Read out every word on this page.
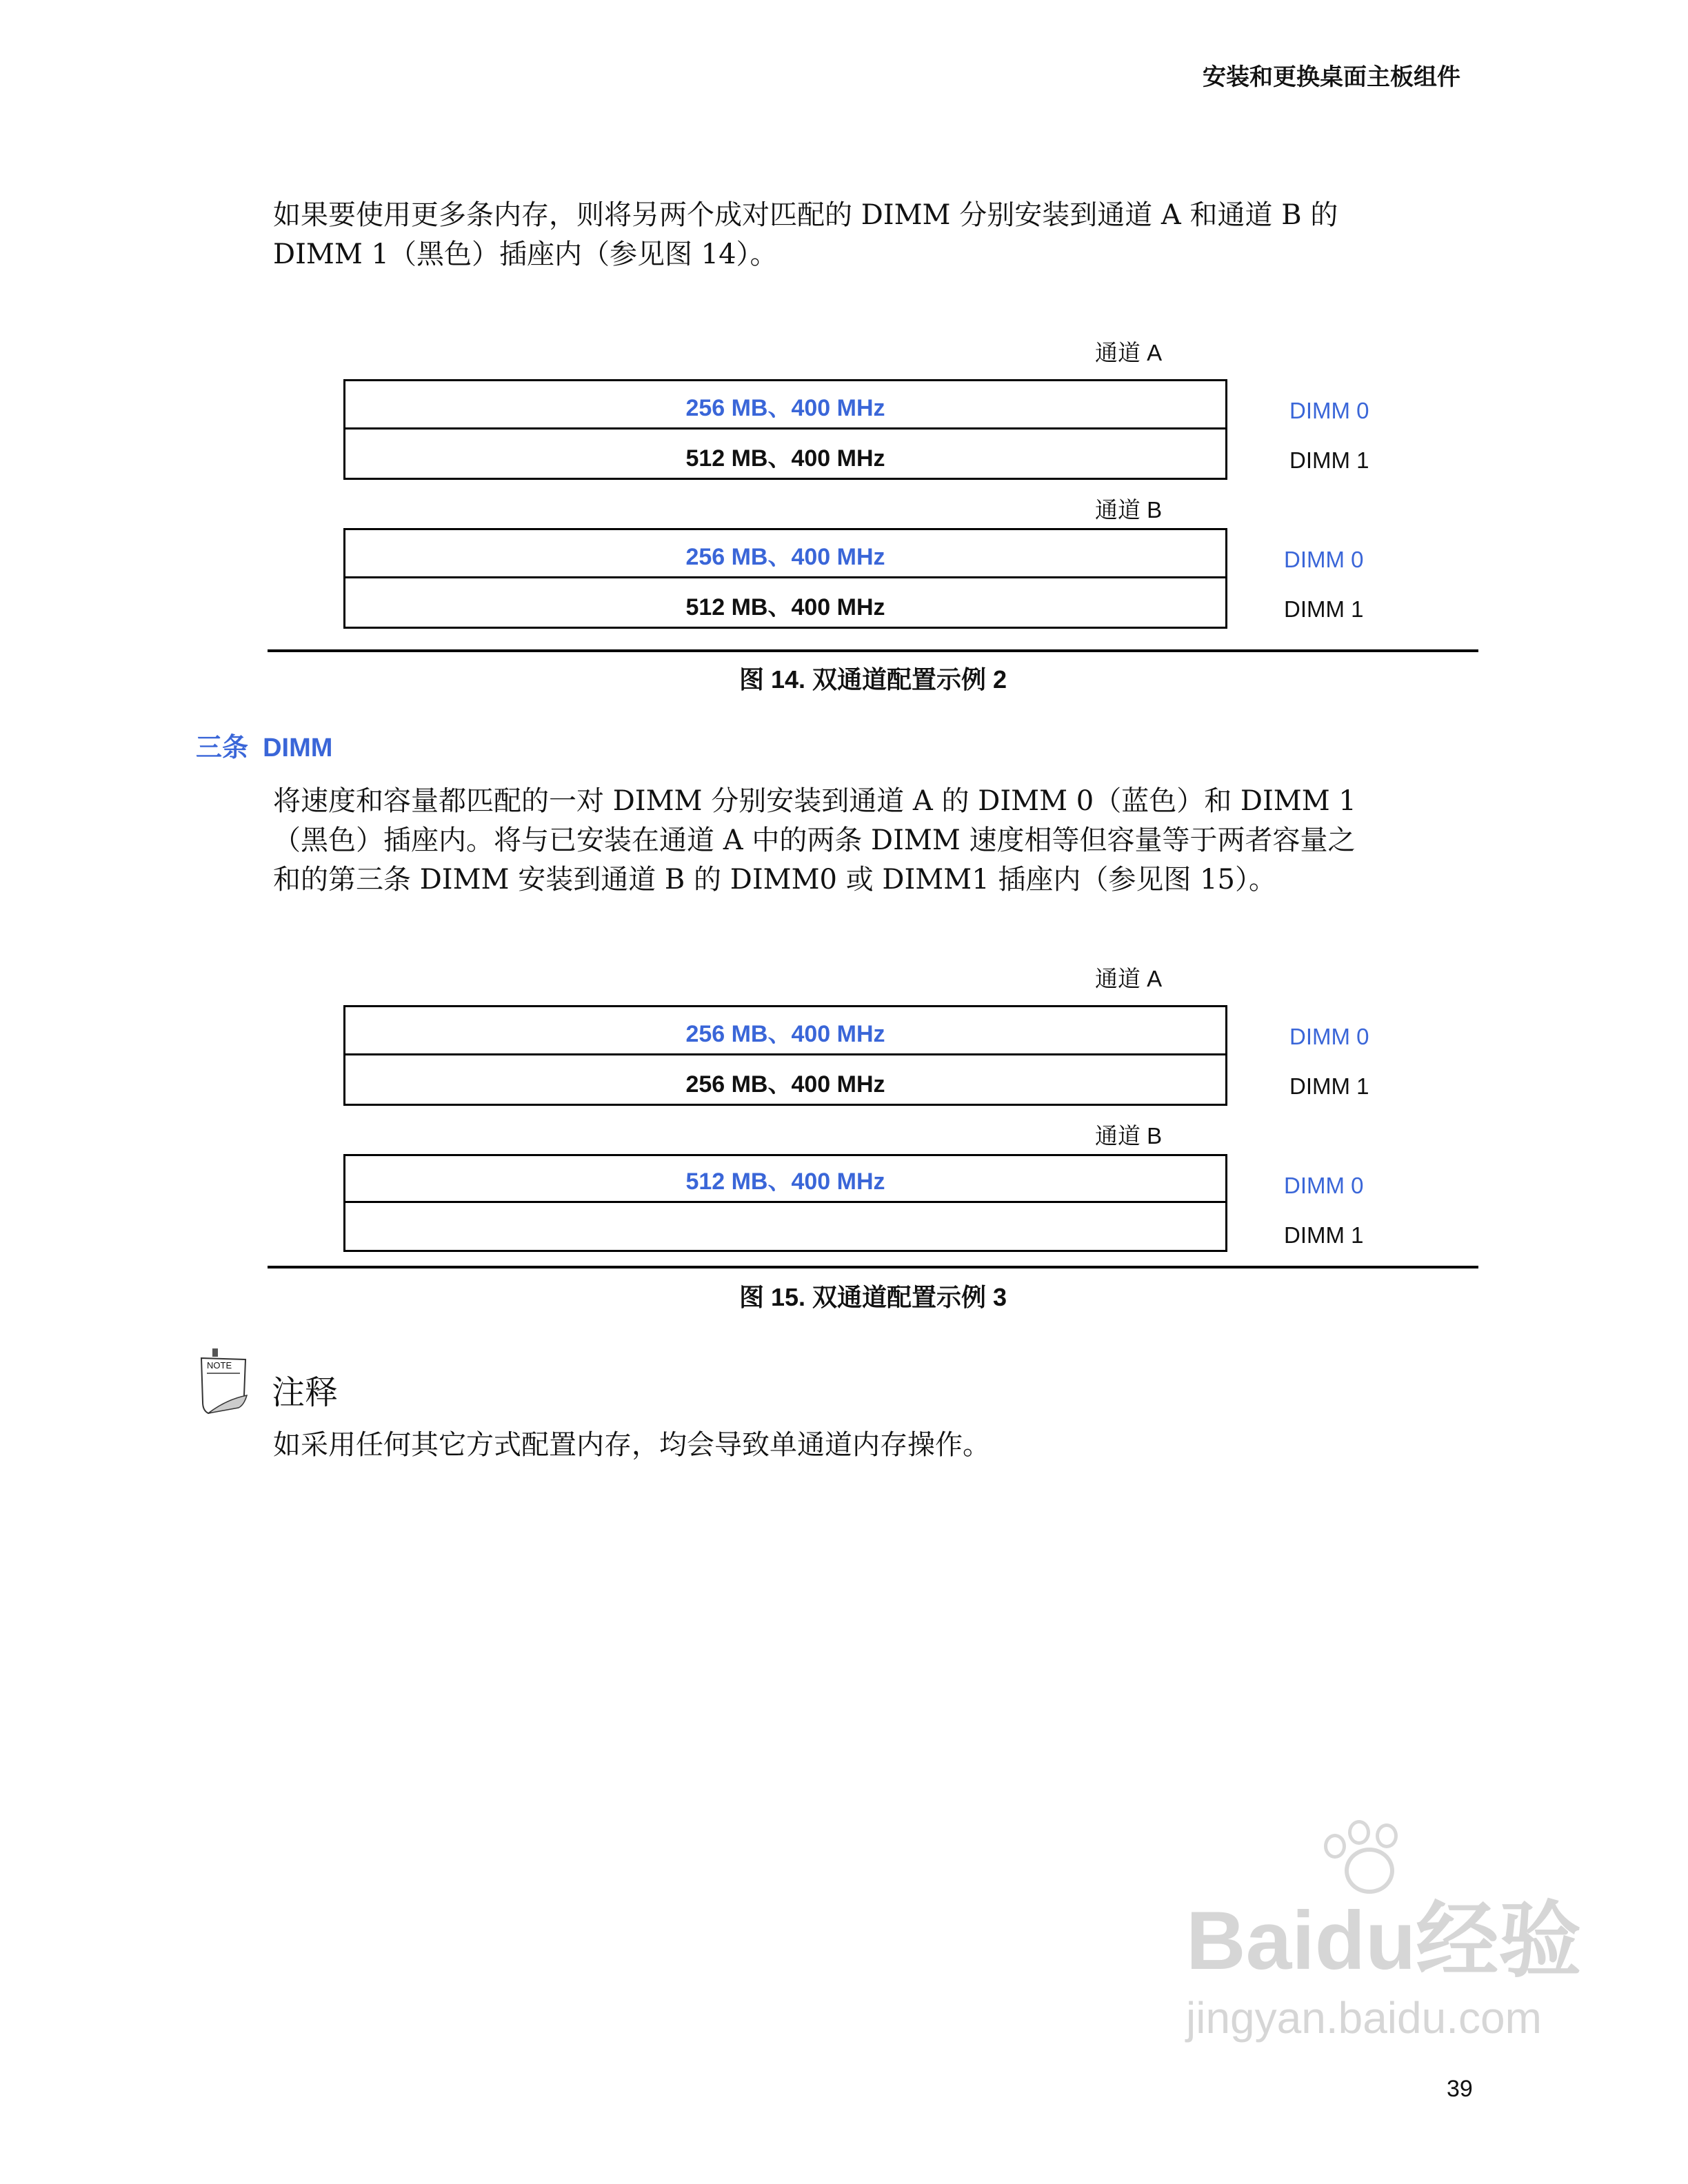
安装和更换桌面主板组件
如果要使用更多条内存，则将另两个成对匹配的 DIMM 分别安装到通道 A 和通道 B 的
DIMM 1（黑色）插座内（参见图 14）。
通道 A
256 MB、400 MHz
512 MB、400 MHz
DIMM 0
DIMM 1
通道 B
256 MB、400 MHz
512 MB、400 MHz
DIMM 0
DIMM 1
图 14. 双通道配置示例 2
三条  DIMM
将速度和容量都匹配的一对 DIMM 分别安装到通道 A 的 DIMM 0（蓝色）和 DIMM 1
（黑色）插座内。将与已安装在通道 A 中的两条 DIMM 速度相等但容量等于两者容量之
和的第三条 DIMM 安装到通道 B 的 DIMM0 或 DIMM1 插座内（参见图 15）。
通道 A
256 MB、400 MHz
256 MB、400 MHz
DIMM 0
DIMM 1
通道 B
512 MB、400 MHz	DIMM 0
DIMM 1
图 15. 双通道配置示例 3
NOTE
注释
如采用任何其它方式配置内存，均会导致单通道内存操作。
Baidu经验
jingyan.baidu.com
39
